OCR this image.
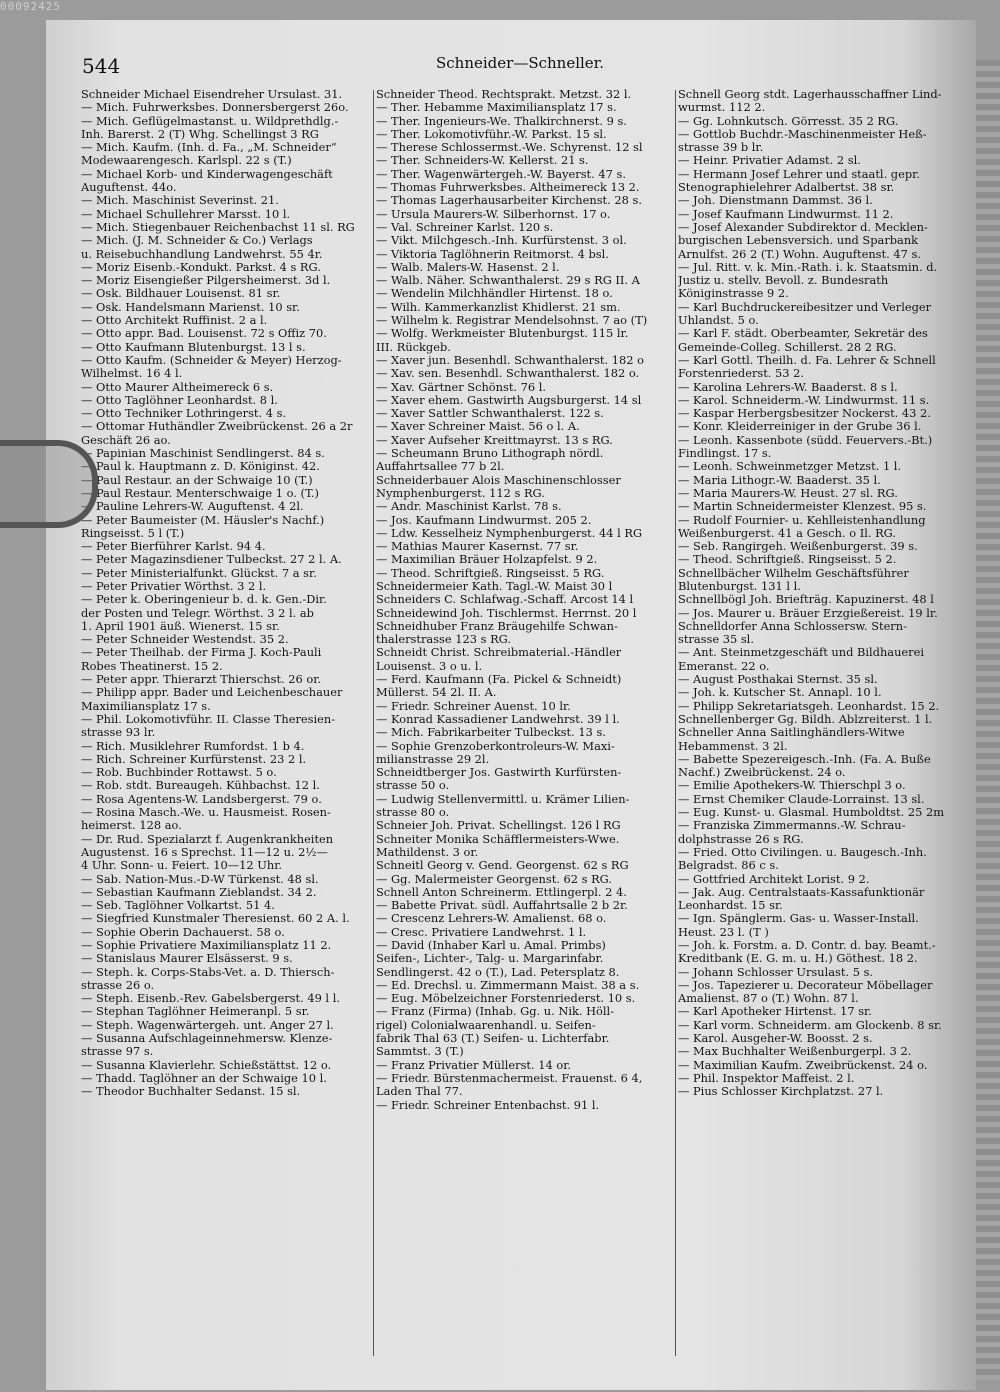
544	Schneider—Schneller.
Schneider Michael Eisendreher Ursulast. 31.
— Mich. Fuhrwerksbes. Donnersbergerst 26o.
— Mich. Geflügelmastanst. u. Wildprethdlg.-
Inh. Barerst. 2 (T) Whg. Schellingst 3 RG
— Mich. Kaufm. (Inh. d. Fa., „M. Schneider“
Modewaarengesch. Karlspl. 22 s (T.)
— Michael Korb- und Kinderwagengeschäft
Auguftenst. 44o.
— Mich. Maschinist Severinst. 21.
— Michael Schullehrer Marsst. 10 l.
— Mich. Stiegenbauer Reichenbachst 11 sl. RG
— Mich. (J. M. Schneider & Co.) Verlags
u. Reisebuchhandlung Landwehrst. 55 4r.
— Moriz Eisenb.-Kondukt. Parkst. 4 s RG.
— Moriz Eisengießer Pilgersheimerst. 3d l.
— Osk. Bildhauer Louisenst. 81 sr.
— Osk. Handelsmann Marienst. 10 sr.
— Otto Architekt Ruffinist. 2 a l.
— Otto appr. Bad. Louisenst. 72 s Offiz 70.
— Otto Kaufmann Blutenburgst. 13 l s.
— Otto Kaufm. (Schneider & Meyer) Herzog-
Wilhelmst. 16 4 l.
— Otto Maurer Altheimereck 6 s.
— Otto Taglöhner Leonhardst. 8 l.
— Otto Techniker Lothringerst. 4 s.
— Ottomar Huthändler Zweibrückenst. 26 a 2r
Geschäft 26 ao.
— Papinian Maschinist Sendlingerst. 84 s.
— Paul k. Hauptmann z. D. Königinst. 42.
— Paul Restaur. an der Schwaige 10 (T.)
— Paul Restaur. Menterschwaige 1 o. (T.)
— Pauline Lehrers-W. Auguftenst. 4 2l.
— Peter Baumeister (M. Häusler's Nachf.)
Ringseisst. 5 l (T.)
— Peter Bierführer Karlst. 94 4.
— Peter Magazinsdiener Tulbeckst. 27 2 l. A.
— Peter Ministerialfunkt. Glückst. 7 a sr.
— Peter Privatier Wörthst. 3 2 l.
— Peter k. Oberingenieur b. d. k. Gen.-Dir.
der Posten und Telegr. Wörthst. 3 2 l. ab
1. April 1901 äuß. Wienerst. 15 sr.
— Peter Schneider Westendst. 35 2.
— Peter Theilhab. der Firma J. Koch-Pauli
Robes Theatinerst. 15 2.
— Peter appr. Thierarzt Thierschst. 26 or.
— Philipp appr. Bader und Leichenbeschauer
Maximiliansplatz 17 s.
— Phil. Lokomotivführ. II. Classe Theresien-
strasse 93 lr.
— Rich. Musiklehrer Rumfordst. 1 b 4.
— Rich. Schreiner Kurfürstenst. 23 2 l.
— Rob. Buchbinder Rottawst. 5 o.
— Rob. stdt. Bureaugeh. Kühbachst. 12 l.
— Rosa Agentens-W. Landsbergerst. 79 o.
— Rosina Masch.-We. u. Hausmeist. Rosen-
heimerst. 128 ao.
— Dr. Rud. Spezialarzt f. Augenkrankheiten
Augustenst. 16 s Sprechst. 11—12 u. 2½—
4 Uhr. Sonn- u. Feiert. 10—12 Uhr.
— Sab. Nation-Mus.-D-W Türkenst. 48 sl.
— Sebastian Kaufmann Zieblandst. 34 2.
— Seb. Taglöhner Volkartst. 51 4.
— Siegfried Kunstmaler Theresienst. 60 2 A. l.
— Sophie Oberin Dachauerst. 58 o.
— Sophie Privatiere Maximiliansplatz 11 2.
— Stanislaus Maurer Elsässerst. 9 s.
— Steph. k. Corps-Stabs-Vet. a. D. Thiersch-
strasse 26 o.
— Steph. Eisenb.-Rev. Gabelsbergerst. 49 l l.
— Stephan Taglöhner Heimeranpl. 5 sr.
— Steph. Wagenwärtergeh. unt. Anger 27 l.
— Susanna Aufschlageinnehmersw. Klenze-
strasse 97 s.
— Susanna Klavierlehr. Schießstättst. 12 o.
— Thadd. Taglöhner an der Schwaige 10 l.
— Theodor Buchhalter Sedanst. 15 sl.
Schneider Theod. Rechtsprakt. Metzst. 32 l.
— Ther. Hebamme Maximiliansplatz 17 s.
— Ther. Ingenieurs-We. Thalkirchnerst. 9 s.
— Ther. Lokomotivführ.-W. Parkst. 15 sl.
— Therese Schlossermst.-We. Schyrenst. 12 sl
— Ther. Schneiders-W. Kellerst. 21 s.
— Ther. Wagenwärtergeh.-W. Bayerst. 47 s.
— Thomas Fuhrwerksbes. Altheimereck 13 2.
— Thomas Lagerhausarbeiter Kirchenst. 28 s.
— Ursula Maurers-W. Silberhornst. 17 o.
— Val. Schreiner Karlst. 120 s.
— Vikt. Milchgesch.-Inh. Kurfürstenst. 3 ol.
— Viktoria Taglöhnerin Reitmorst. 4 bsl.
— Walb. Malers-W. Hasenst. 2 l.
— Walb. Näher. Schwanthalerst. 29 s RG II. A
— Wendelin Milchhändler Hirtenst. 18 o.
— Wilh. Kammerkanzlist Khidlerst. 21 sm.
— Wilhelm k. Registrar Mendelsohnst. 7 ao (T)
— Wolfg. Werkmeister Blutenburgst. 115 lr.
III. Rückgeb.
— Xaver jun. Besenhdl. Schwanthalerst. 182 o
— Xav. sen. Besenhdl. Schwanthalerst. 182 o.
— Xav. Gärtner Schönst. 76 l.
— Xaver ehem. Gastwirth Augsburgerst. 14 sl
— Xaver Sattler Schwanthalerst. 122 s.
— Xaver Schreiner Maist. 56 o l. A.
— Xaver Aufseher Kreittmayrst. 13 s RG.
— Scheumann Bruno Lithograph nördl.
Auffahrtsallee 77 b 2l.
Schneiderbauer Alois Maschinenschlosser
Nymphenburgerst. 112 s RG.
— Andr. Maschinist Karlst. 78 s.
— Jos. Kaufmann Lindwurmst. 205 2.
— Ldw. Kesselheiz Nymphenburgerst. 44 l RG
— Mathias Maurer Kasernst. 77 sr.
— Maximilian Bräuer Holzapfelst. 9 2.
— Theod. Schriftgieß. Ringseisst. 5 RG.
Schneidermeier Kath. Tagl.-W. Maist 30 l
Schneiders C. Schlafwag.-Schaff. Arcost 14 l
Schneidewind Joh. Tischlermst. Herrnst. 20 l
Schneidhuber Franz Bräugehilfe Schwan-
thalerstrasse 123 s RG.
Schneidt Christ. Schreibmaterial.-Händler
Louisenst. 3 o u. l.
— Ferd. Kaufmann (Fa. Pickel & Schneidt)
Müllerst. 54 2l. II. A.
— Friedr. Schreiner Auenst. 10 lr.
— Konrad Kassadiener Landwehrst. 39 l l.
— Mich. Fabrikarbeiter Tulbeckst. 13 s.
— Sophie Grenzoberkontroleurs-W. Maxi-
milianstrasse 29 2l.
Schneidtberger Jos. Gastwirth Kurfürsten-
strasse 50 o.
— Ludwig Stellenvermittl. u. Krämer Lilien-
strasse 80 o.
Schneier Joh. Privat. Schellingst. 126 l RG
Schneiter Monika Schäfflermeisters-Wwe.
Mathildenst. 3 or.
Schneitl Georg v. Gend. Georgenst. 62 s RG
— Gg. Malermeister Georgenst. 62 s RG.
Schnell Anton Schreinerm. Ettlingerpl. 2 4.
— Babette Privat. südl. Auffahrtsalle 2 b 2r.
— Crescenz Lehrers-W. Amalienst. 68 o.
— Cresc. Privatiere Landwehrst. 1 l.
— David (Inhaber Karl u. Amal. Primbs)
Seifen-, Lichter-, Talg- u. Margarinfabr.
Sendlingerst. 42 o (T.), Lad. Petersplatz 8.
— Ed. Drechsl. u. Zimmermann Maist. 38 a s.
— Eug. Möbelzeichner Forstenriederst. 10 s.
— Franz (Firma) (Inhab. Gg. u. Nik. Höll-
rigel) Colonialwaarenhandl. u. Seifen-
fabrik Thal 63 (T.) Seifen- u. Lichterfabr.
Sammtst. 3 (T.)
— Franz Privatier Müllerst. 14 or.
— Friedr. Bürstenmachermeist. Frauenst. 6 4,
Laden Thal 77.
— Friedr. Schreiner Entenbachst. 91 l.
Schnell Georg stdt. Lagerhausschaffner Lind-
wurmst. 112 2.
— Gg. Lohnkutsch. Görresst. 35 2 RG.
— Gottlob Buchdr.-Maschinenmeister Heß-
strasse 39 b lr.
— Heinr. Privatier Adamst. 2 sl.
— Hermann Josef Lehrer und staatl. gepr.
Stenographielehrer Adalbertst. 38 sr.
— Joh. Dienstmann Dammst. 36 l.
— Josef Kaufmann Lindwurmst. 11 2.
— Josef Alexander Subdirektor d. Mecklen-
burgischen Lebensversich. und Sparbank
Arnulfst. 26 2 (T.) Wohn. Auguftenst. 47 s.
— Jul. Ritt. v. k. Min.-Rath. i. k. Staatsmin. d.
Justiz u. stellv. Bevoll. z. Bundesrath
Königinstrasse 9 2.
— Karl Buchdruckereibesitzer und Verleger
Uhlandst. 5 o.
— Karl F. städt. Oberbeamter, Sekretär des
Gemeinde-Colleg. Schillerst. 28 2 RG.
— Karl Gottl. Theilh. d. Fa. Lehrer & Schnell
Forstenriederst. 53 2.
— Karolina Lehrers-W. Baaderst. 8 s l.
— Karol. Schneiderm.-W. Lindwurmst. 11 s.
— Kaspar Herbergsbesitzer Nockerst. 43 2.
— Konr. Kleiderreiniger in der Grube 36 l.
— Leonh. Kassenbote (südd. Feuervers.-Bt.)
Findlingst. 17 s.
— Leonh. Schweinmetzger Metzst. 1 l.
— Maria Lithogr.-W. Baaderst. 35 l.
— Maria Maurers-W. Heust. 27 sl. RG.
— Martin Schneidermeister Klenzest. 95 s.
— Rudolf Fournier- u. Kehlleistenhandlung
Weißenburgerst. 41 a Gesch. o Il. RG.
— Seb. Rangirgeh. Weißenburgerst. 39 s.
— Theod. Schriftgieß. Ringseisst. 5 2.
Schnellbächer Wilhelm Geschäftsführer
Blutenburgst. 131 l l.
Schnellbögl Joh. Briefträg. Kapuzinerst. 48 l
— Jos. Maurer u. Bräuer Erzgießereist. 19 lr.
Schnelldorfer Anna Schlossersw. Stern-
strasse 35 sl.
— Ant. Steinmetzgeschäft und Bildhauerei
Emeranst. 22 o.
— August Posthakai Sternst. 35 sl.
— Joh. k. Kutscher St. Annapl. 10 l.
— Philipp Sekretariatsgeh. Leonhardst. 15 2.
Schnellenberger Gg. Bildh. Ablzreiterst. 1 l.
Schneller Anna Saitlinghändlers-Witwe
Hebammenst. 3 2l.
— Babette Spezereigesch.-Inh. (Fa. A. Buße
Nachf.) Zweibrückenst. 24 o.
— Emilie Apothekers-W. Thierschpl 3 o.
— Ernst Chemiker Claude-Lorrainst. 13 sl.
— Eug. Kunst- u. Glasmal. Humboldtst. 25 2m
— Franziska Zimmermanns.-W. Schrau-
dolphstrasse 26 s RG.
— Fried. Otto Civilingen. u. Baugesch.-Inh.
Belgradst. 86 c s.
— Gottfried Architekt Lorist. 9 2.
— Jak. Aug. Centralstaats-Kassafunktionär
Leonhardst. 15 sr.
— Ign. Spänglerm. Gas- u. Wasser-Install.
Heust. 23 l. (T )
— Joh. k. Forstm. a. D. Contr. d. bay. Beamt.-
Kreditbank (E. G. m. u. H.) Göthest. 18 2.
— Johann Schlosser Ursulast. 5 s.
— Jos. Tapezierer u. Decorateur Möbellager
Amalienst. 87 o (T.) Wohn. 87 l.
— Karl Apotheker Hirtenst. 17 sr.
— Karl vorm. Schneiderm. am Glockenb. 8 sr.
— Karol. Ausgeher-W. Boosst. 2 s.
— Max Buchhalter Weißenburgerpl. 3 2.
— Maximilian Kaufm. Zweibrückenst. 24 o.
— Phil. Inspektor Maffeist. 2 l.
— Pius Schlosser Kirchplatzst. 27 l.
00092425
